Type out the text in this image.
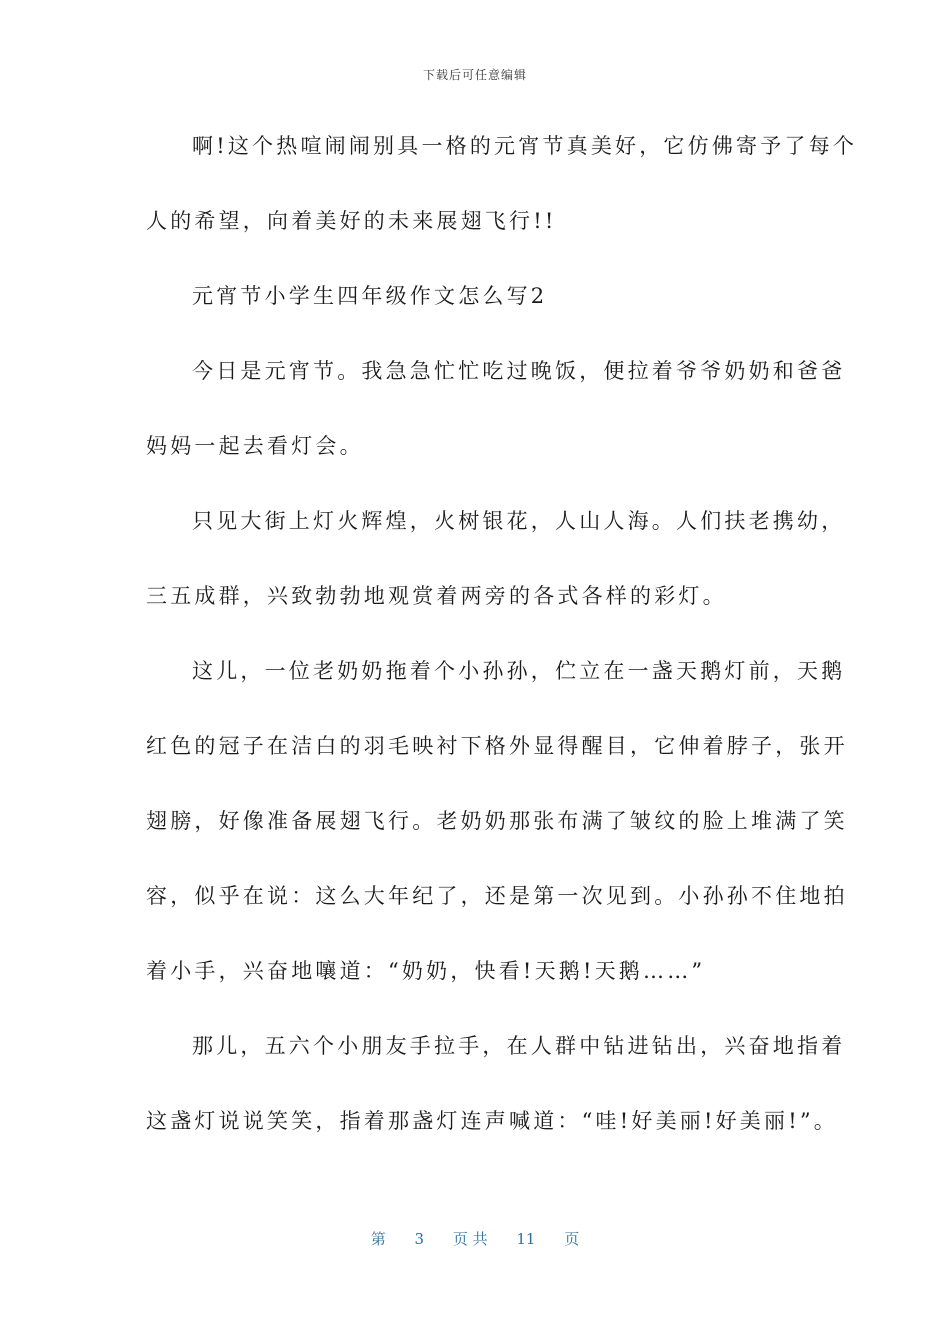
下载后可任意编辑
啊!这个热喧闹闹别具一格的元宵节真美好，它仿佛寄予了每个
人的希望，向着美好的未来展翅飞行!!
元宵节小学生四年级作文怎么写2
今日是元宵节。我急急忙忙吃过晚饭，便拉着爷爷奶奶和爸爸
妈妈一起去看灯会。
只见大街上灯火辉煌，火树银花，人山人海。人们扶老携幼，
三五成群，兴致勃勃地观赏着两旁的各式各样的彩灯。
这儿，一位老奶奶拖着个小孙孙，伫立在一盏天鹅灯前，天鹅
红色的冠子在洁白的羽毛映衬下格外显得醒目，它伸着脖子，张开
翅膀，好像准备展翅飞行。老奶奶那张布满了皱纹的脸上堆满了笑
容，似乎在说：这么大年纪了，还是第一次见到。小孙孙不住地拍
着小手，兴奋地嚷道：“奶奶，快看!天鹅!天鹅……”
那儿，五六个小朋友手拉手，在人群中钻进钻出，兴奋地指着
这盏灯说说笑笑，指着那盏灯连声喊道：“哇!好美丽!好美丽!”。
第 3 页 共 11 页
